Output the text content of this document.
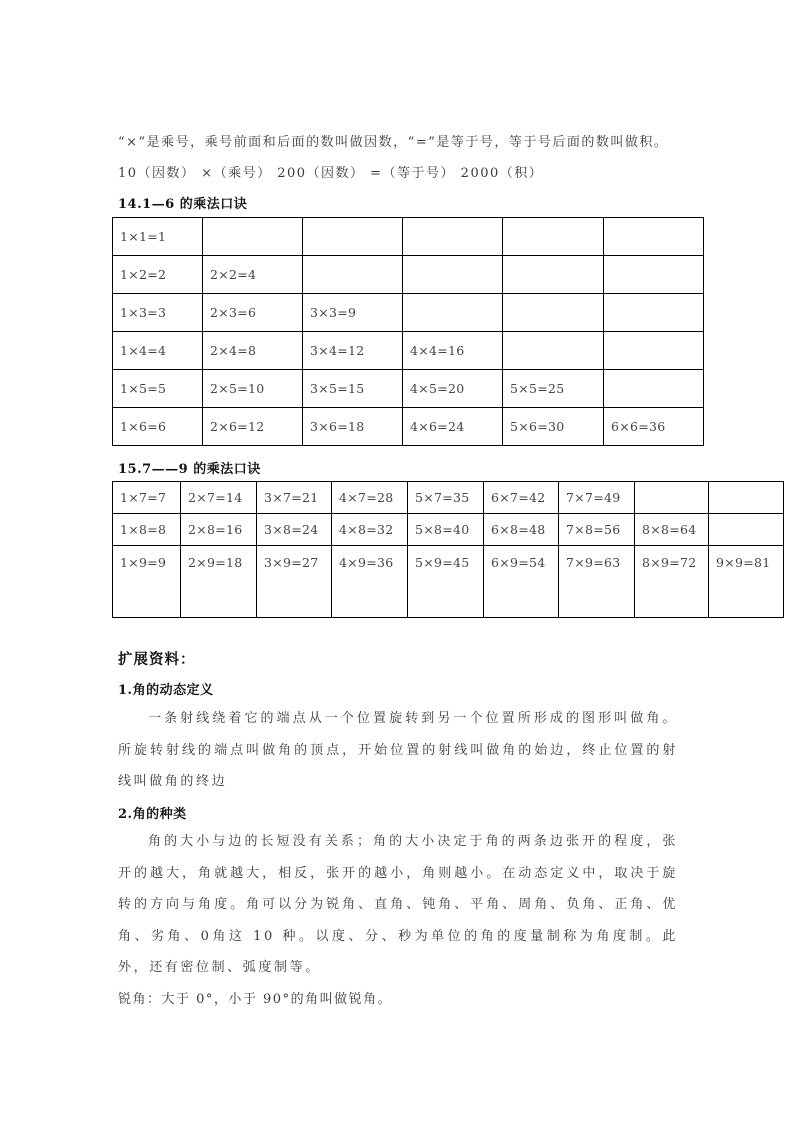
“×”是乘号，乘号前面和后面的数叫做因数，“=”是等于号，等于号后面的数叫做积。
10（因数） ×（乘号） 200（因数） =（等于号） 2000（积）
14.1—6 的乘法口诀
1×1=1					
1×2=2	2×2=4				
1×3=3	2×3=6	3×3=9			
1×4=4	2×4=8	3×4=12	4×4=16		
1×5=5	2×5=10	3×5=15	4×5=20	5×5=25	
1×6=6	2×6=12	3×6=18	4×6=24	5×6=30	6×6=36
15.7——9 的乘法口诀
1×7=7	2×7=14	3×7=21	4×7=28	5×7=35	6×7=42	7×7=49		
1×8=8	2×8=16	3×8=24	4×8=32	5×8=40	6×8=48	7×8=56	8×8=64	
1×9=9	2×9=18	3×9=27	4×9=36	5×9=45	6×9=54	7×9=63	8×9=72	9×9=81
扩展资料：
1.角的动态定义
一条射线绕着它的端点从一个位置旋转到另一个位置所形成的图形叫做角。所旋转射线的端点叫做角的顶点，开始位置的射线叫做角的始边，终止位置的射线叫做角的终边
2.角的种类
角的大小与边的长短没有关系；角的大小决定于角的两条边张开的程度，张开的越大，角就越大，相反，张开的越小，角则越小。在动态定义中，取决于旋转的方向与角度。角可以分为锐角、直角、钝角、平角、周角、负角、正角、优角、劣角、0角这 10 种。以度、分、秒为单位的角的度量制称为角度制。此外，还有密位制、弧度制等。
锐角：大于 0°，小于 90°的角叫做锐角。
